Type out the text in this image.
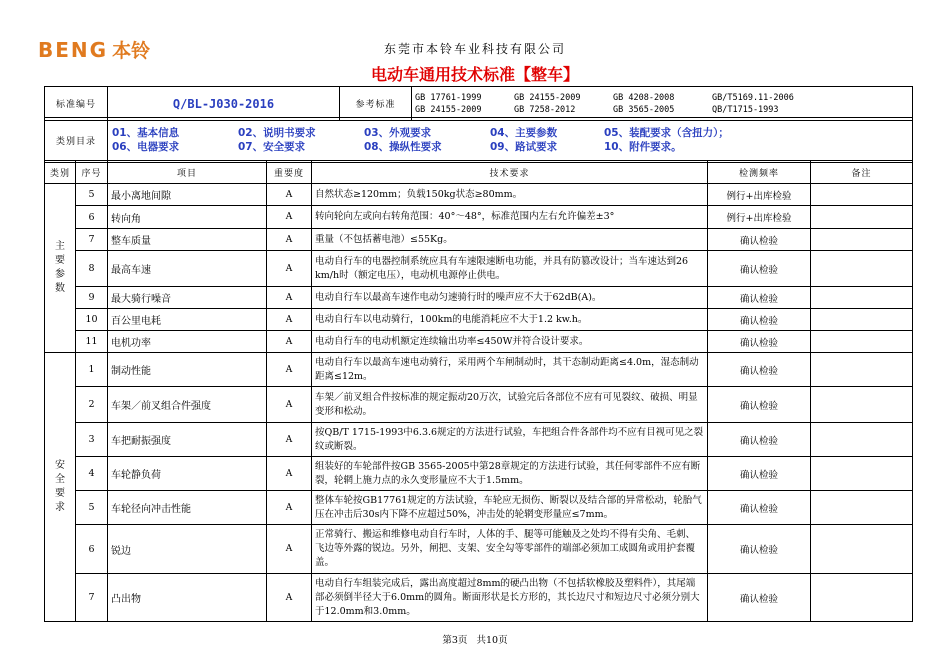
BENG 本铃	东莞市本铃车业科技有限公司
电动车通用技术标准【整车】
标准编号	Q/BL-J030-2016	参考标准	
GB 17761-1999	GB 24155-2009	GB 4208-2008	GB/T5169.11-2006
GB 24155-2009	GB 7258-2012	GB 3565-2005	QB/T1715-1993
类别目录	
01、基本信息	02、说明书要求	03、外观要求	04、主要参数	05、装配要求（含扭力）；
06、电器要求	07、安全要求	08、操纵性要求	09、路试要求	10、附件要求。
类别	序号	项目	重要度	技术要求	检测频率	备注
主
要
参
数	5	最小离地间隙	A	自然状态≥120mm；负载150kg状态≥80mm。	例行+出库检验	
	6	转向角	A	转向轮向左或向右转角范围：40°～48°，标准范围内左右允许偏差±3°	例行+出库检验	
	7	整车质量	A	重量（不包括蓄电池）≤55Kg。	确认检验	
	8	最高车速	A	电动自行车的电器控制系统应具有车速限速断电功能，并具有防篡改设计；当车速达到26 km/h时（额定电压），电动机电源停止供电。	确认检验	
	9	最大骑行噪音	A	电动自行车以最高车速作电动匀速骑行时的噪声应不大于62dB(A)。	确认检验	
	10	百公里电耗	A	电动自行车以电动骑行，100km的电能消耗应不大于1.2 kw.h。	确认检验	
	11	电机功率	A	电动自行车的电动机额定连续输出功率≤450W并符合设计要求。	确认检验	
安
全
要
求	1	制动性能	A	电动自行车以最高车速电动骑行，采用两个车闸制动时，其干态制动距离≤4.0m，湿态制动距离≤12m。	确认检验	
	2	车架／前叉组合件强度	A	车架／前叉组合件按标准的规定振动20万次，试验完后各部位不应有可见裂纹、破损、明显变形和松动。	确认检验	
	3	车把耐振强度	A	按QB/T 1715-1993中6.3.6规定的方法进行试验，车把组合件各部件均不应有目视可见之裂纹或断裂。	确认检验	
	4	车轮静负荷	A	组装好的车轮部件按GB 3565-2005中第28章规定的方法进行试验，其任何零部件不应有断裂，轮辋上施力点的永久变形量应不大于1.5mm。	确认检验	
	5	车轮径向冲击性能	A	整体车轮按GB17761规定的方法试验，车轮应无损伤、断裂以及结合部的异常松动，轮胎气压在冲击后30s内下降不应超过50%，冲击处的轮辋变形量应≤7mm。	确认检验	
	6	锐边	A	正常骑行、搬运和维修电动自行车时，人体的手、腿等可能触及之处均不得有尖角、毛刺、飞边等外露的锐边。另外，闸把、支架、安全勾等零部件的端部必须加工成圆角或用护套覆盖。	确认检验	
	7	凸出物	A	电动自行车组装完成后，露出高度超过8mm的硬凸出物（不包括软橡胶及塑料件），其尾端部必须倒半径大于6.0mm的圆角。断面形状是长方形的，其长边尺寸和短边尺寸必须分别大于12.0mm和3.0mm。	确认检验	
第3页 共10页
